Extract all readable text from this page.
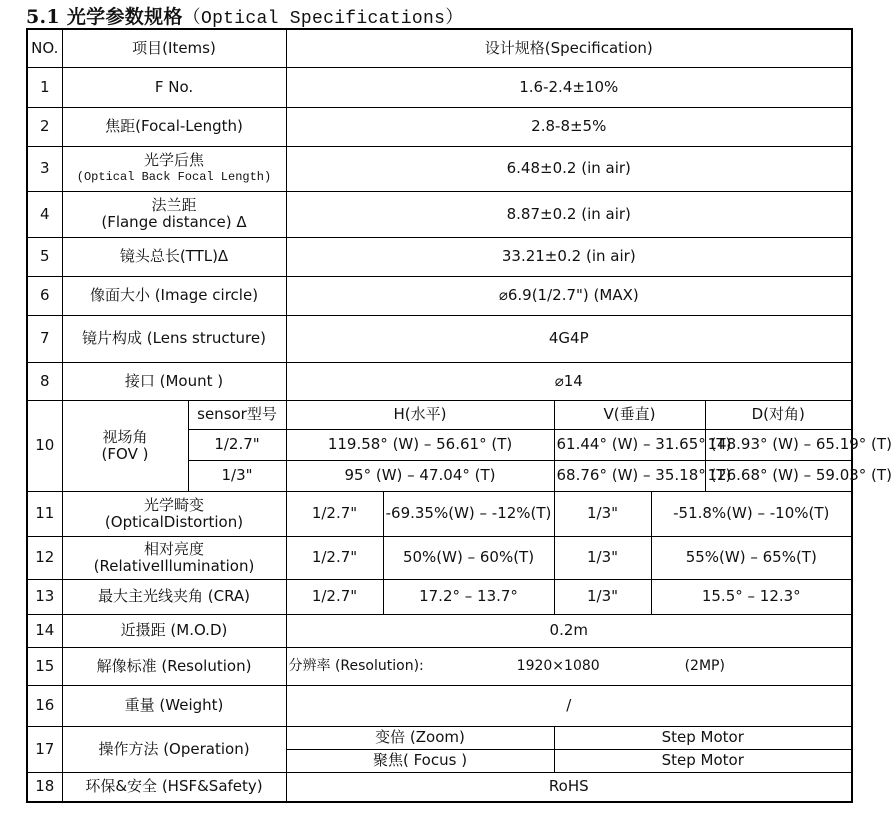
5.1 光学参数规格（Optical Specifications）
NO.	项目(Items)		设计规格(Specification)				
1	F No.		1.6-2.4±10%				
2	焦距(Focal-Length)		2.8-8±5%				
3	光学后焦
(Optical Back Focal Length)		6.48±0.2 (in air)				
4	法兰距
(Flange distance) Δ		8.87±0.2 (in air)				
5	镜头总长(TTL)Δ		33.21±0.2 (in air)				
6	像面大小 (Image circle)		⌀6.9(1/2.7") (MAX)				
7	镜片构成 (Lens structure)		4G4P				
8	接口 (Mount )		⌀14				
10	视场角
(FOV )	sensor型号	H(水平)		V(垂直)		D(对角)
		1/2.7"	119.58° (W) – 56.61° (T)		61.44° (W) – 31.65° (T)		148.93° (W) – 65.19° (T)
		1/3"	95° (W) – 47.04° (T)		68.76° (W) – 35.18° (T)		126.68° (W) – 59.03° (T)
11	光学畸变
(OpticalDistortion)		1/2.7"	-69.35%(W) – -12%(T)	1/3"	-51.8%(W) – -10%(T)	
12	相对亮度
(RelativeIllumination)		1/2.7"	50%(W) – 60%(T)	1/3"	55%(W) – 65%(T)	
13	最大主光线夹角 (CRA)		1/2.7"	17.2° – 13.7°	1/3"	15.5° – 12.3°	
14	近摄距 (M.O.D)		0.2m				
15	解像标准 (Resolution)		分辨率 (Resolution): 1920×1080 (2MP)				
16	重量 (Weight)		/				
17	操作方法 (Operation)		变倍 (Zoom)		Step Motor		
			聚焦( Focus )		Step Motor		
18	环保&安全 (HSF&Safety)		RoHS				
